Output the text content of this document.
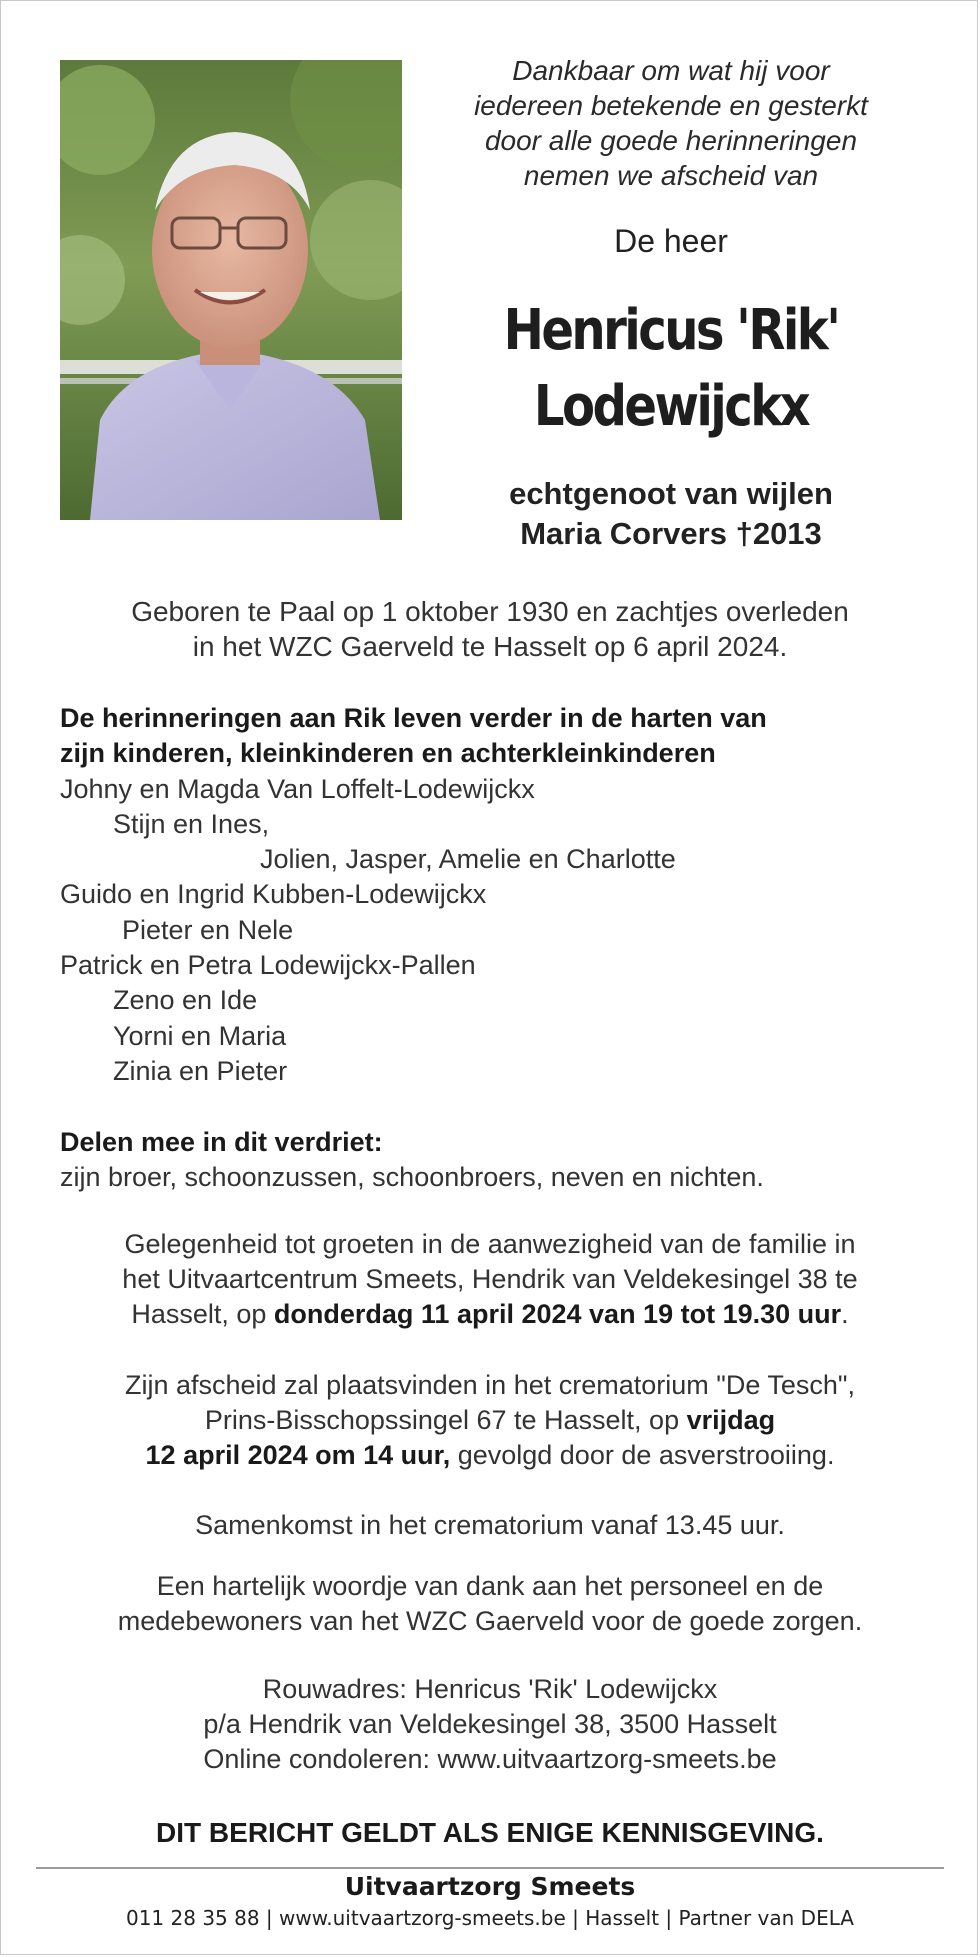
Dankbaar om wat hij voor
iedereen betekende en gesterkt
door alle goede herinneringen
nemen we afscheid van
De heer
Henricus 'Rik'
Lodewijckx
echtgenoot van wijlen
Maria Corvers †2013
Geboren te Paal op 1 oktober 1930 en zachtjes overleden
in het WZC Gaerveld te Hasselt op 6 april 2024.
De herinneringen aan Rik leven verder in de harten van
zijn kinderen, kleinkinderen en achterkleinkinderen
Johny en Magda Van Loffelt-Lodewijckx
Stijn en Ines,
Jolien, Jasper, Amelie en Charlotte
Guido en Ingrid Kubben-Lodewijckx
Pieter en Nele
Patrick en Petra Lodewijckx-Pallen
Zeno en Ide
Yorni en Maria
Zinia en Pieter
Delen mee in dit verdriet:
zijn broer, schoonzussen, schoonbroers, neven en nichten.
Gelegenheid tot groeten in de aanwezigheid van de familie in
het Uitvaartcentrum Smeets, Hendrik van Veldekesingel 38 te
Hasselt, op donderdag 11 april 2024 van 19 tot 19.30 uur.
Zijn afscheid zal plaatsvinden in het crematorium "De Tesch",
Prins-Bisschopssingel 67 te Hasselt, op vrijdag
12 april 2024 om 14 uur, gevolgd door de asverstrooiing.
Samenkomst in het crematorium vanaf 13.45 uur.
Een hartelijk woordje van dank aan het personeel en de
medebewoners van het WZC Gaerveld voor de goede zorgen.
Rouwadres: Henricus 'Rik' Lodewijckx
p/a Hendrik van Veldekesingel 38, 3500 Hasselt
Online condoleren: www.uitvaartzorg-smeets.be
DIT BERICHT GELDT ALS ENIGE KENNISGEVING.
Uitvaartzorg Smeets
011 28 35 88 | www.uitvaartzorg-smeets.be | Hasselt | Partner van DELA
